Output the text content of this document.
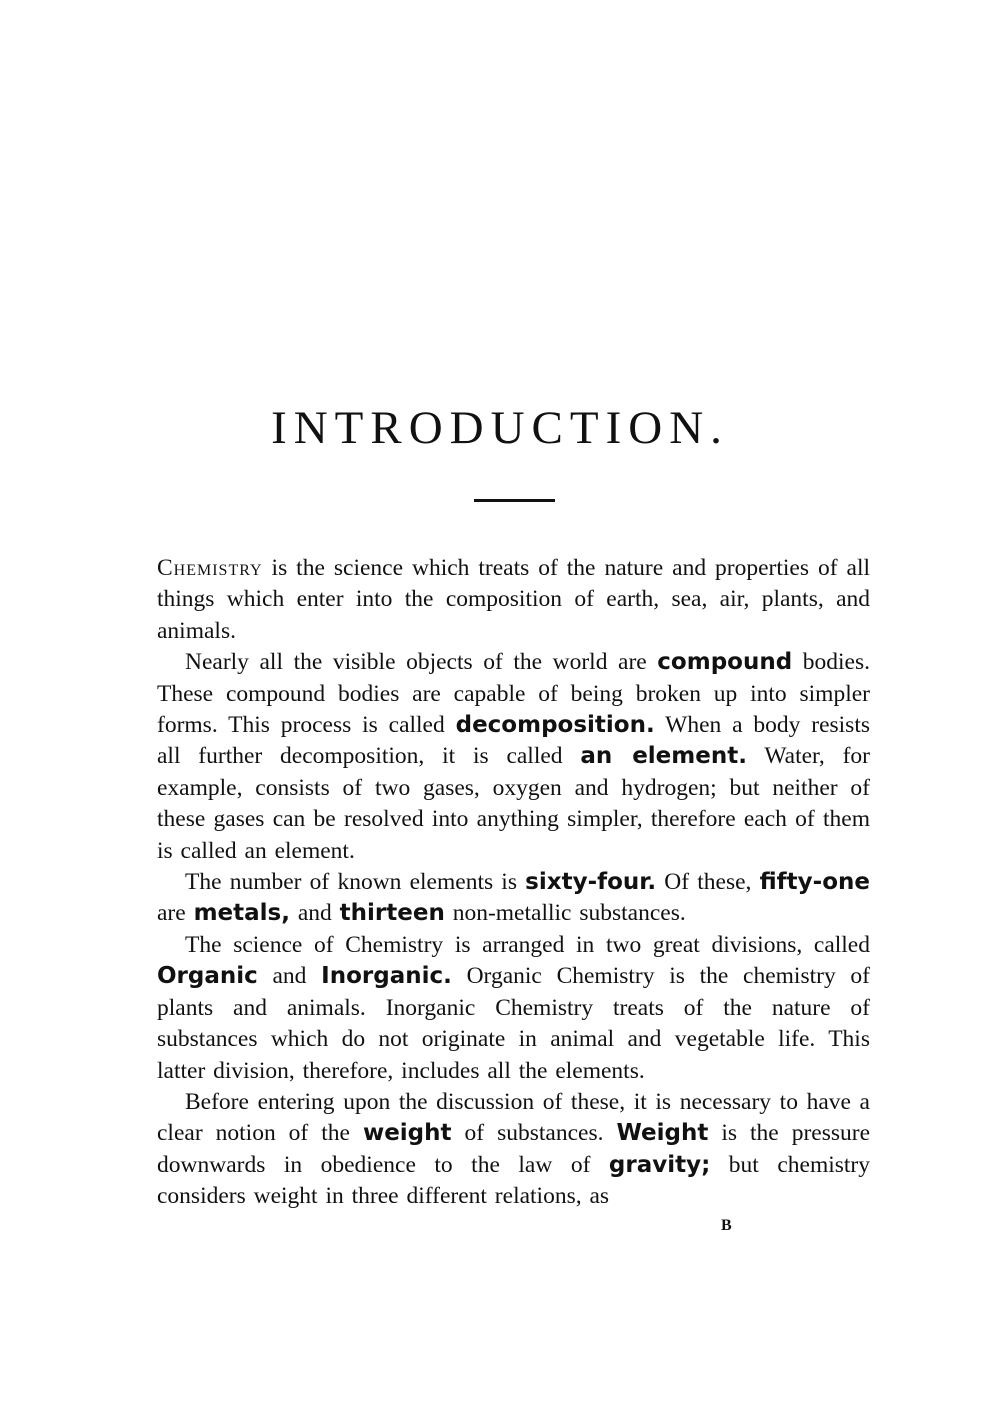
INTRODUCTION.

Chemistry is the science which treats of the nature and properties of all things which enter into the composition of earth, sea, air, plants, and animals.

Nearly all the visible objects of the world are compound bodies. These compound bodies are capable of being broken up into simpler forms. This process is called decomposition. When a body resists all further decomposition, it is called an element. Water, for example, consists of two gases, oxygen and hydrogen; but neither of these gases can be resolved into anything simpler, therefore each of them is called an element.

The number of known elements is sixty-four. Of these, fifty-one are metals, and thirteen non-metallic substances.

The science of Chemistry is arranged in two great divisions, called Organic and Inorganic. Organic Chemistry is the chemistry of plants and animals. Inorganic Chemistry treats of the nature of substances which do not originate in animal and vegetable life. This latter division, therefore, includes all the elements.

Before entering upon the discussion of these, it is necessary to have a clear notion of the weight of substances. Weight is the pressure downwards in obedience to the law of gravity; but chemistry considers weight in three different relations, as

B
